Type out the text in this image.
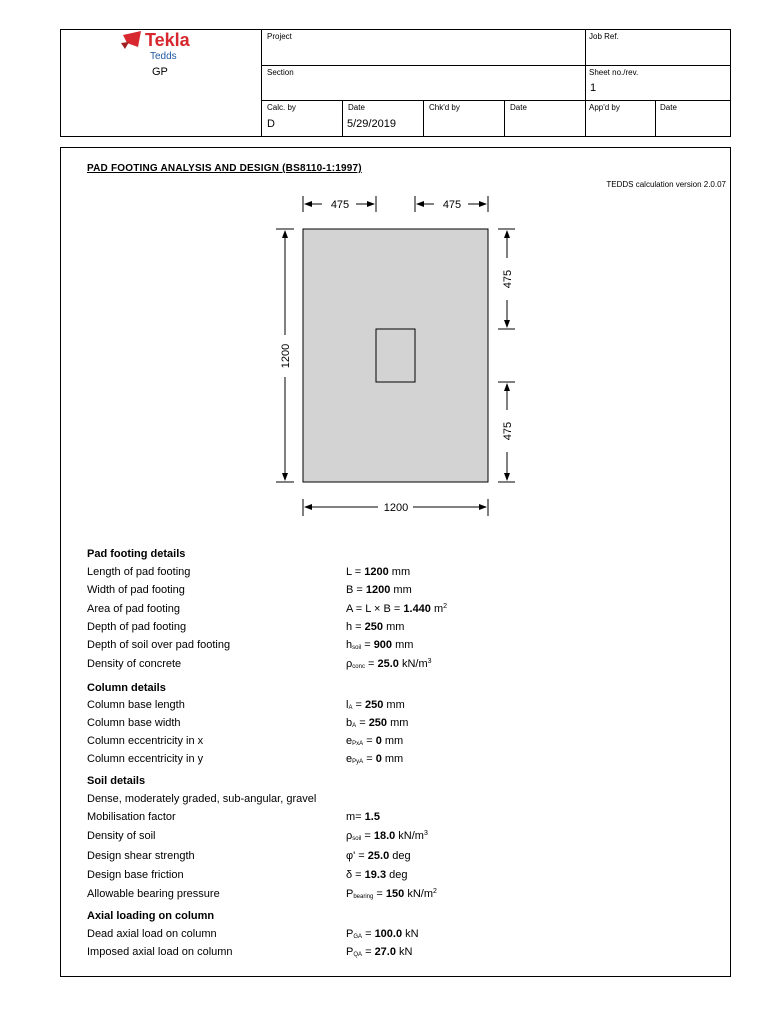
Tekla
Tedds
GP
Project	Job Ref.
Section	Sheet no./rev.
1
Calc. by
D
Date
5/29/2019
Chk'd by	Date	App'd by	Date
PAD FOOTING ANALYSIS AND DESIGN (BS8110-1:1997)
TEDDS calculation version 2.0.07
475	475
475
475
1200
1200
Pad footing details
Length of pad footing	L = 1200 mm
Width of pad footing	B = 1200 mm
Area of pad footing	A = L × B = 1.440 $m^2$
Depth of pad footing	h = 250 mm
Depth of soil over pad footing	hsoil = 900 mm
Density of concrete	ρconc = 25.0 $kN/m^3$
Column details
Column base length	lA = 250 mm
Column base width	bA = 250 mm
Column eccentricity in x	ePxA = 0 mm
Column eccentricity in y	ePyA = 0 mm
Soil details
Dense, moderately graded, sub-angular, gravel
Mobilisation factor	m= 1.5
Density of soil	ρsoil = 18.0 $kN/m^3$
Design shear strength	φ' = 25.0 deg
Design base friction	δ = 19.3 deg
Allowable bearing pressure	Pbearing = 150 $kN/m^2$
Axial loading on column
Dead axial load on column	PGA = 100.0 kN
Imposed axial load on column	PQA = 27.0 kN
